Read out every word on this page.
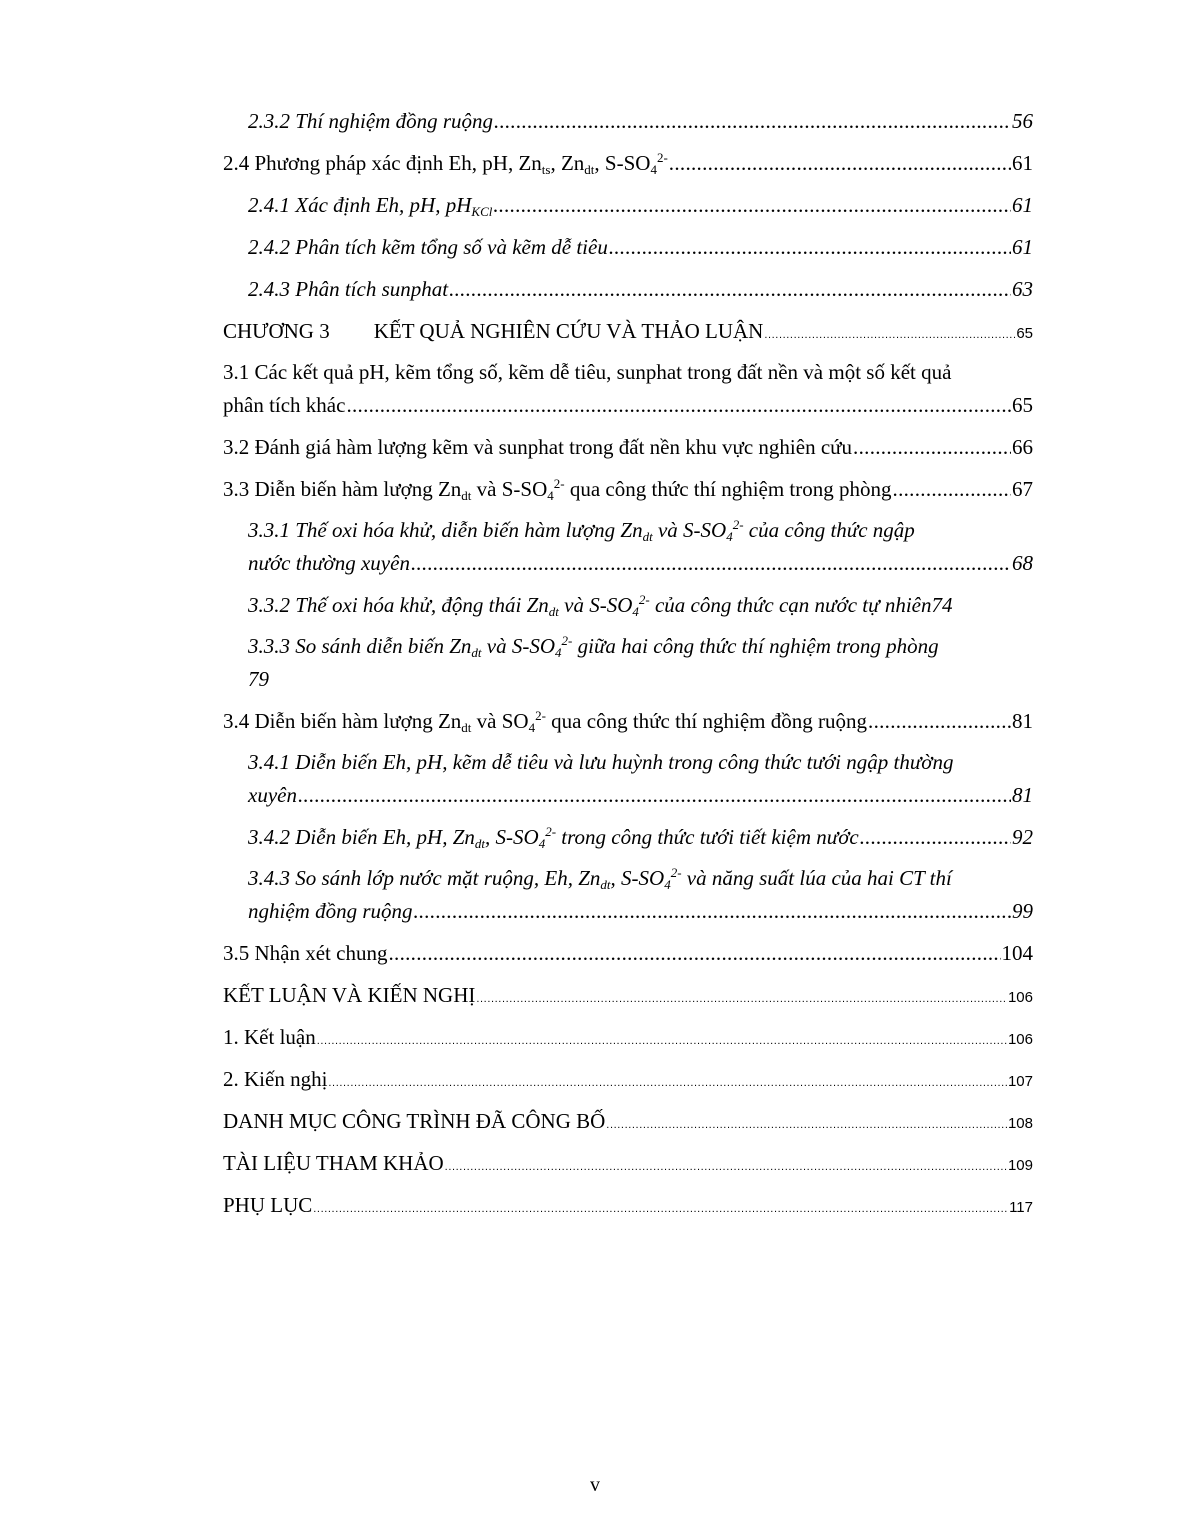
2.3.2 Thí nghiệm đồng ruộng .....	56
2.4 Phương pháp xác định Eh, pH, $Zn_{ts}$, $Zn_{dt}$, $S-SO_4^{2-}$ .....	61
2.4.1 Xác định Eh, pH, $pH_{KCl}$ .....	61
2.4.2 Phân tích kẽm tổng số và kẽm dễ tiêu .....	61
2.4.3 Phân tích sunphat .....	63
CHƯƠNG 3 KẾT QUẢ NGHIÊN CỨU VÀ THẢO LUẬN .....	65
3.1 Các kết quả pH, kẽm tổng số, kẽm dễ tiêu, sunphat trong đất nền và một số kết quả
phân tích khác .....	65
3.2 Đánh giá hàm lượng kẽm và sunphat trong đất nền khu vực nghiên cứu .....	66
3.3 Diễn biến hàm lượng $Zn_{dt}$ và $S-SO_4^{2-}$ qua công thức thí nghiệm trong phòng .....	67
3.3.1 Thế oxi hóa khử, diễn biến hàm lượng $Zn_{dt}$ và $S-SO_4^{2-}$ của công thức ngập
nước thường xuyên .....	68
3.3.2 Thế oxi hóa khử, động thái $Zn_{dt}$ và $S-SO_4^{2-}$ của công thức cạn nước tự nhiên 74
3.3.3 So sánh diễn biến $Zn_{dt}$ và $S-SO_4^{2-}$ giữa hai công thức thí nghiệm trong phòng
79
3.4 Diễn biến hàm lượng $Zn_{dt}$ và $SO_4^{2-}$ qua công thức thí nghiệm đồng ruộng .....	81
3.4.1 Diễn biến Eh, pH, kẽm dễ tiêu và lưu huỳnh trong công thức tưới ngập thường
xuyên .....	81
3.4.2 Diễn biến Eh, pH, $Zn_{dt}$, $S-SO_4^{2-}$ trong công thức tưới tiết kiệm nước .....	92
3.4.3 So sánh lớp nước mặt ruộng, Eh, $Zn_{dt}$, $S-SO_4^{2-}$ và năng suất lúa của hai CT thí
nghiệm đồng ruộng .....	99
3.5 Nhận xét chung .....	104
KẾT LUẬN VÀ KIẾN NGHỊ .....	106
1. Kết luận .....	106
2. Kiến nghị .....	107
DANH MỤC CÔNG TRÌNH ĐÃ CÔNG BỐ .....	108
TÀI LIỆU THAM KHẢO .....	109
PHỤ LỤC .....	117
v
